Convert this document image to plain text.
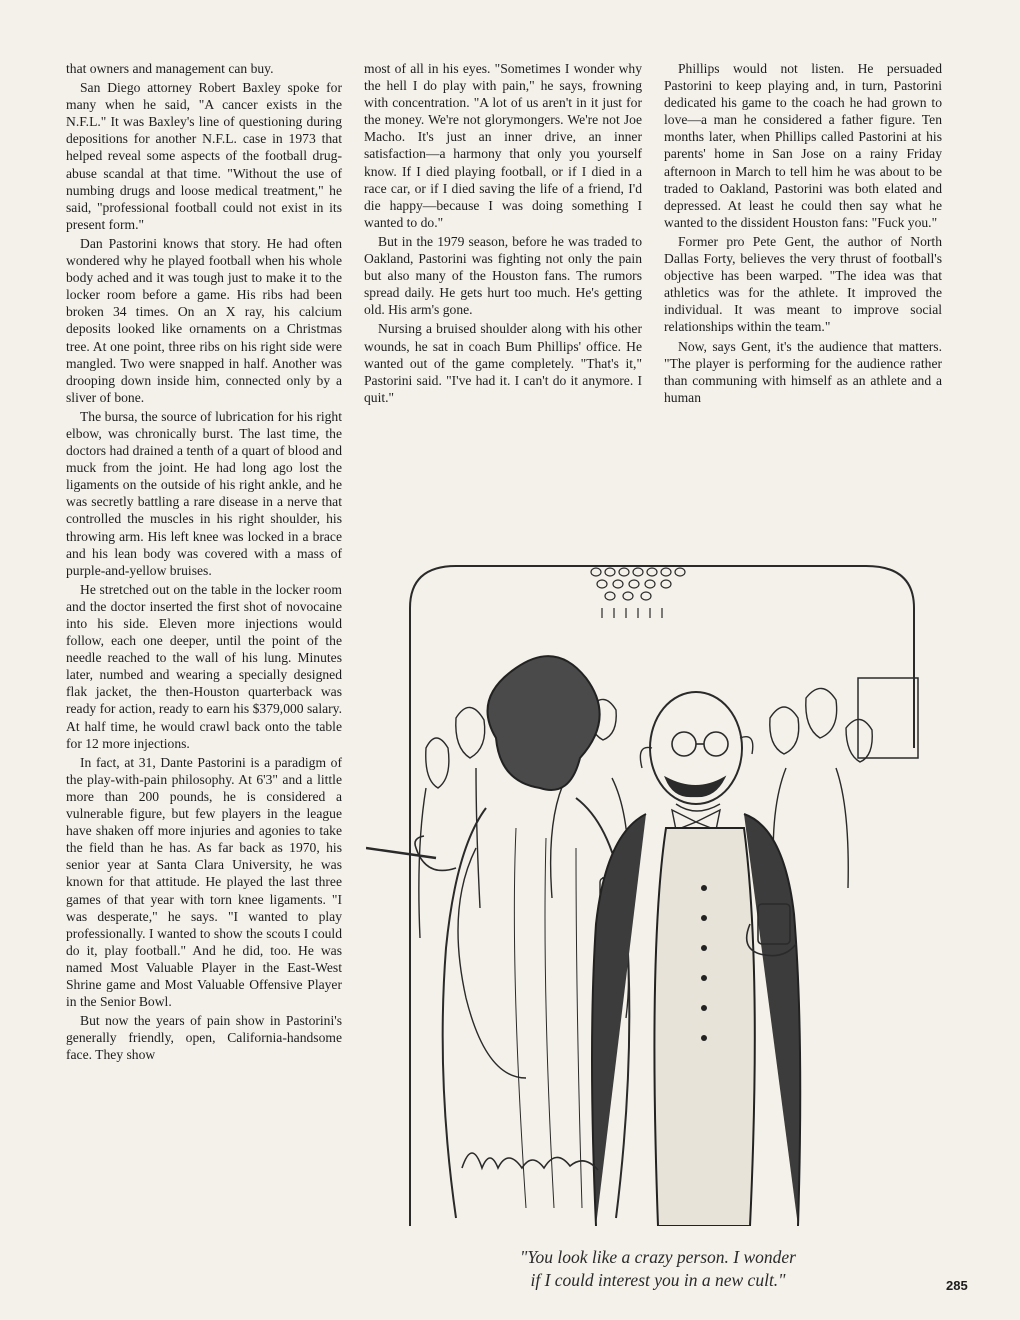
that owners and management can buy.

San Diego attorney Robert Baxley spoke for many when he said, "A cancer exists in the N.F.L." It was Baxley's line of questioning during depositions for another N.F.L. case in 1973 that helped reveal some aspects of the football drug-abuse scandal at that time. "Without the use of numbing drugs and loose medical treatment," he said, "professional football could not exist in its present form."

Dan Pastorini knows that story. He had often wondered why he played football when his whole body ached and it was tough just to make it to the locker room before a game. His ribs had been broken 34 times. On an X ray, his calcium deposits looked like ornaments on a Christmas tree. At one point, three ribs on his right side were mangled. Two were snapped in half. Another was drooping down inside him, connected only by a sliver of bone.

The bursa, the source of lubrication for his right elbow, was chronically burst. The last time, the doctors had drained a tenth of a quart of blood and muck from the joint. He had long ago lost the ligaments on the outside of his right ankle, and he was secretly battling a rare disease in a nerve that controlled the muscles in his right shoulder, his throwing arm. His left knee was locked in a brace and his lean body was covered with a mass of purple-and-yellow bruises.

He stretched out on the table in the locker room and the doctor inserted the first shot of novocaine into his side. Eleven more injections would follow, each one deeper, until the point of the needle reached to the wall of his lung. Minutes later, numbed and wearing a specially designed flak jacket, the then-Houston quarterback was ready for action, ready to earn his $379,000 salary. At half time, he would crawl back onto the table for 12 more injections.

In fact, at 31, Dante Pastorini is a paradigm of the play-with-pain philosophy. At 6'3" and a little more than 200 pounds, he is considered a vulnerable figure, but few players in the league have shaken off more injuries and agonies to take the field than he has. As far back as 1970, his senior year at Santa Clara University, he was known for that attitude. He played the last three games of that year with torn knee ligaments. "I was desperate," he says. "I wanted to play professionally. I wanted to show the scouts I could do it, play football." And he did, too. He was named Most Valuable Player in the East-West Shrine game and Most Valuable Offensive Player in the Senior Bowl.

But now the years of pain show in Pastorini's generally friendly, open, California-handsome face. They show

most of all in his eyes. "Sometimes I wonder why the hell I do play with pain," he says, frowning with concentration. "A lot of us aren't in it just for the money. We're not glorymongers. We're not Joe Macho. It's just an inner drive, an inner satisfaction—a harmony that only you yourself know. If I died playing football, or if I died in a race car, or if I died saving the life of a friend, I'd die happy—because I was doing something I wanted to do."

But in the 1979 season, before he was traded to Oakland, Pastorini was fighting not only the pain but also many of the Houston fans. The rumors spread daily. He gets hurt too much. He's getting old. His arm's gone.

Nursing a bruised shoulder along with his other wounds, he sat in coach Bum Phillips' office. He wanted out of the game completely. "That's it," Pastorini said. "I've had it. I can't do it anymore. I quit."

Phillips would not listen. He persuaded Pastorini to keep playing and, in turn, Pastorini dedicated his game to the coach he had grown to love—a man he considered a father figure. Ten months later, when Phillips called Pastorini at his parents' home in San Jose on a rainy Friday afternoon in March to tell him he was about to be traded to Oakland, Pastorini was both elated and depressed. At least he could then say what he wanted to the dissident Houston fans: "Fuck you."

Former pro Pete Gent, the author of North Dallas Forty, believes the very thrust of football's objective has been warped. "The idea was that athletics was for the athlete. It improved the individual. It was meant to improve social relationships within the team."

Now, says Gent, it's the audience that matters. "The player is performing for the audience rather than communing with himself as an athlete and a human

"You look like a crazy person. I wonder
if I could interest you in a new cult."	285
